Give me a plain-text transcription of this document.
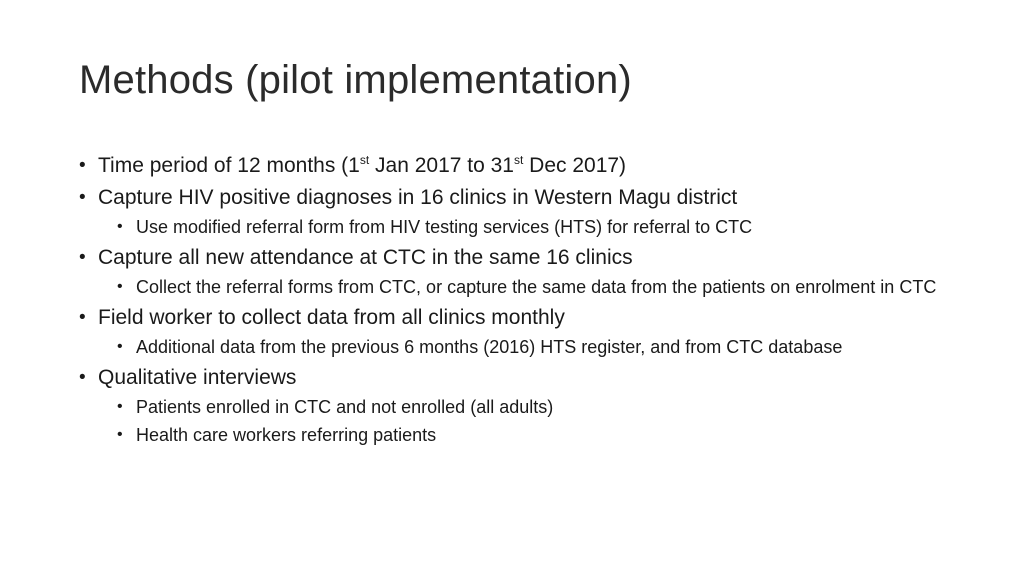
Methods (pilot implementation)
• Time period of 12 months (1st Jan 2017 to 31st Dec 2017)
• Capture HIV positive diagnoses in 16 clinics in Western Magu district
• Use modified referral form from HIV testing services (HTS) for referral to CTC
• Capture all new attendance at CTC in the same 16 clinics
• Collect the referral forms from CTC, or capture the same data from the patients on enrolment in CTC
• Field worker to collect data from all clinics monthly
• Additional data from the previous 6 months (2016) HTS register, and from CTC database
• Qualitative interviews
• Patients enrolled in CTC and not enrolled (all adults)
• Health care workers referring patients
